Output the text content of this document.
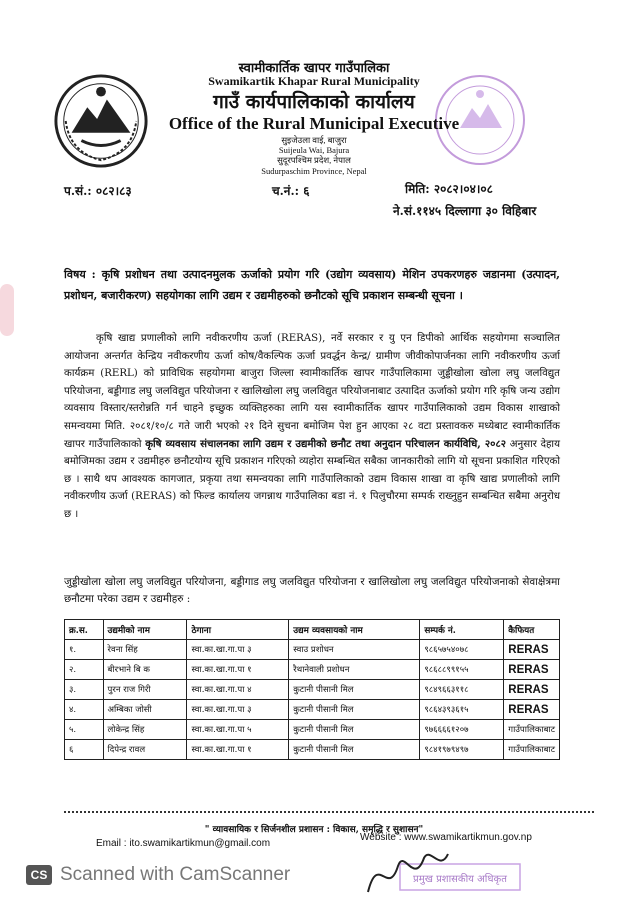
स्वामीकार्तिक खापर गाउँपालिका
Swamikartik Khapar Rural Municipality
गाउँ कार्यपालिकाको कार्यालय
Office of the Rural Municipal Executive
सुइजेउला वाई, बाजुरा
Suijeula Wai, Bajura
सुदूरपश्चिम प्रदेश, नेपाल
Sudurpaschim Province, Nepal
प.सं.: ०८२।८३	च.नं.: ६	मिति: २०८२।०४।०८
ने.सं.११४५ दिल्लागा ३० विहिबार
विषय : कृषि प्रशोधन तथा उत्पादनमुलक ऊर्जाको प्रयोग गरि (उद्योग व्यवसाय) मेशिन उपकरणहरु जडानमा (उत्पादन, प्रशोधन, बजारीकरण) सहयोगका लागि उद्यम र उद्यमीहरुको छनौटको सूचि प्रकाशन सम्बन्धी सूचना ।
कृषि खाद्य प्रणालीको लागि नवीकरणीय ऊर्जा (RERAS), नर्वे सरकार र यु एन डिपीको आर्थिक सहयोगमा सञ्चालित आयोजना अन्तर्गत केन्द्रिय नवीकरणीय ऊर्जा कोष/वैकल्पिक ऊर्जा प्रवर्द्धन केन्द्र/ ग्रामीण जीवीकोपार्जनका लागि नवीकरणीय ऊर्जा कार्यक्रम (RERL) को प्राविधिक सहयोगमा बाजुरा जिल्ला स्वामीकार्तिक खापर गाउँपालिकामा जुड्डीखोला खोला लघु जलविद्युत परियोजना, बड्डीगाड लघु जलविद्युत परियोजना र खालिखोला लघु जलविद्युत परियोजनाबाट उत्पादित ऊर्जाको प्रयोग गरि कृषि जन्य उद्योग व्यवसाय विस्तार/स्तरोन्नति गर्न चाहने इच्छुक व्यक्तिहरुका लागि यस स्वामीकार्तिक खापर गाउँपालिकाको उद्यम विकास शाखाको समन्वयमा मिति. २०८१/१०/८ गते जारी भएको २१ दिने सुचना बमोजिम पेश हुन आएका २८ वटा प्रस्तावकरु मध्येबाट स्वामीकार्तिक खापर गाउँपालिकाको कृषि व्यवसाय संचालनका लागि उद्यम र उद्यमीको छनौट तथा अनुदान परिचालन कार्यविधि, २०८२ अनुसार देहाय बमोजिमका उद्यम र उद्यमीहरु छनौटयोग्य सूचि प्रकाशन गरिएको व्यहोरा सम्बन्धित सबैका जानकारीको लागि यो सूचना प्रकाशित गरिएको छ । साथै थप आवश्यक कागजात, प्रकृया तथा समन्वयका लागि गाउँपालिकाको उद्यम विकास शाखा वा कृषि खाद्य प्रणालीको लागि नवीकरणीय ऊर्जा (RERAS) को फिल्ड कार्यालय जगन्नाथ गाउँपालिका बडा नं. १ पिलुचौरमा सम्पर्क राख्नुहुन सम्बन्धित सबैमा अनुरोध छ ।
जुड्डीखोला खोला लघु जलविद्युत परियोजना, बड्डीगाड लघु जलविद्युत परियोजना र खालिखोला लघु जलविद्युत परियोजनाको सेवाक्षेत्रमा छनौटमा परेका उद्यम र उद्यमीहरु :
क्र.स.	उद्यमीको नाम	ठेगाना	उद्यम व्यवसायको नाम	सम्पर्क नं.	कैफियत
१.	रेवना सिंह	स्वा.का.खा.गा.पा ३	स्वाउ प्रशोधन	९८६५७५४०७८	RERAS
२.	बीरभाने बि क	स्वा.का.खा.गा.पा १	रैथानेवाली प्रशोधन	९८६८८९९१५५	RERAS
३.	पुरन राज गिरी	स्वा.का.खा.गा.पा ४	कुटानी पीसानी मिल	९८४९६६३११८	RERAS
४.	अम्बिका जोसी	स्वा.का.खा.गा.पा ३	कुटानी पीसानी मिल	९८६४३९३६१५	RERAS
५.	लोकेन्द्र सिंह	स्वा.का.खा.गा.पा ५	कुटानी पीसानी मिल	९७६६६६१२०७	गाउँपालिकाबाट
६	दिपेन्द्र रावल	स्वा.का.खा.गा.पा १	कुटानी पीसानी मिल	९८४१९७९४९७	गाउँपालिकाबाट
" व्यावसायिक र सिर्जनशील प्रशासन : विकास, समृद्धि र सुशासन"
Email : ito.swamikartikmun@gmail.com
Website : www.swamikartikmun.gov.np
प्रमुख प्रशासकीय अधिकृत
CS Scanned with CamScanner
